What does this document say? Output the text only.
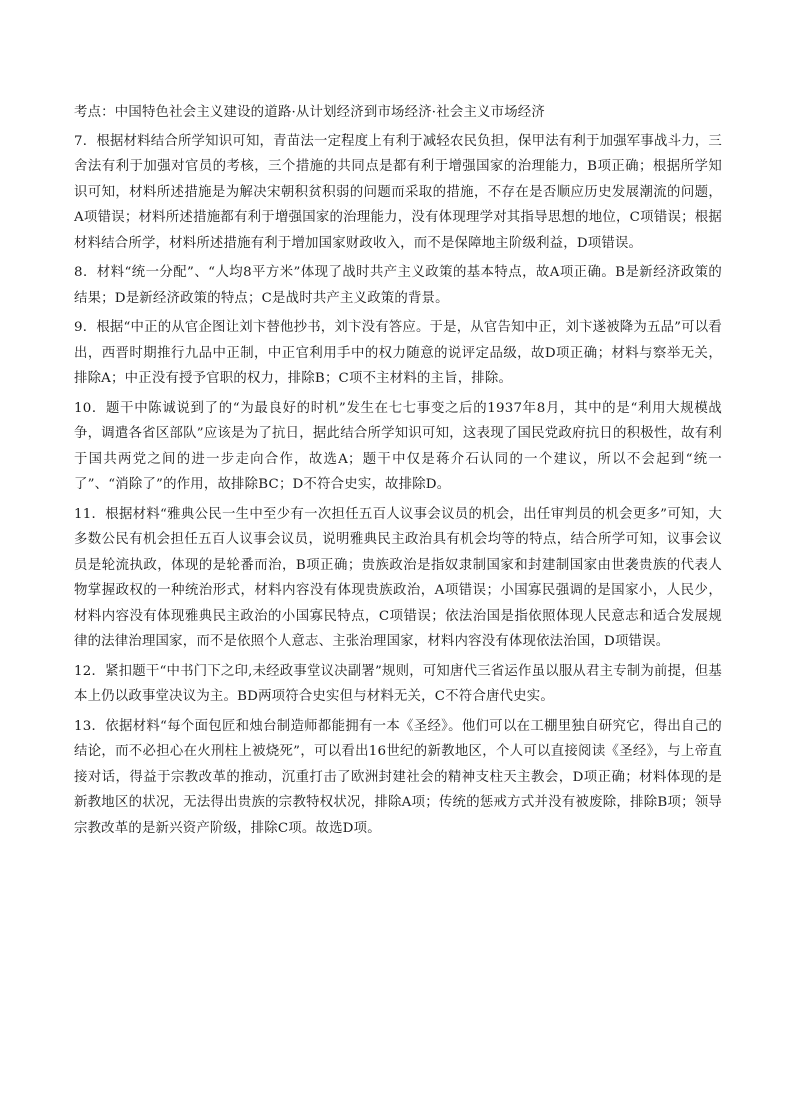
考点：中国特色社会主义建设的道路·从计划经济到市场经济·社会主义市场经济

7．根据材料结合所学知识可知，青苗法一定程度上有利于减轻农民负担，保甲法有利于加强军事战斗力，三舍法有利于加强对官员的考核，三个措施的共同点是都有利于增强国家的治理能力，B项正确；根据所学知识可知，材料所述措施是为解决宋朝积贫积弱的问题而采取的措施，不存在是否顺应历史发展潮流的问题，A项错误；材料所述措施都有利于增强国家的治理能力，没有体现理学对其指导思想的地位，C项错误；根据材料结合所学，材料所述措施有利于增加国家财政收入，而不是保障地主阶级利益，D项错误。

8．材料“统一分配”、“人均8平方米”体现了战时共产主义政策的基本特点，故A项正确。B是新经济政策的结果；D是新经济政策的特点；C是战时共产主义政策的背景。

9．根据“中正的从官企图让刘卞替他抄书，刘卞没有答应。于是，从官告知中正，刘卞遂被降为五品”可以看出，西晋时期推行九品中正制，中正官利用手中的权力随意的说评定品级，故D项正确；材料与察举无关，排除A；中正没有授予官职的权力，排除B；C项不主材料的主旨，排除。

10．题干中陈诚说到了的“为最良好的时机”发生在七七事变之后的1937年8月，其中的是“利用大规模战争，调遣各省区部队”应该是为了抗日，据此结合所学知识可知，这表现了国民党政府抗日的积极性，故有利于国共两党之间的进一步走向合作，故选A；题干中仅是蒋介石认同的一个建议，所以不会起到“统一了”、“消除了”的作用，故排除BC；D不符合史实，故排除D。

11．根据材料“雅典公民一生中至少有一次担任五百人议事会议员的机会，出任审判员的机会更多”可知，大多数公民有机会担任五百人议事会议员，说明雅典民主政治具有机会均等的特点，结合所学可知，议事会议员是轮流执政，体现的是轮番而治，B项正确；贵族政治是指奴隶制国家和封建制国家由世袭贵族的代表人物掌握政权的一种统治形式，材料内容没有体现贵族政治，A项错误；小国寡民强调的是国家小，人民少，材料内容没有体现雅典民主政治的小国寡民特点，C项错误；依法治国是指依照体现人民意志和适合发展规律的法律治理国家，而不是依照个人意志、主张治理国家，材料内容没有体现依法治国，D项错误。

12．紧扣题干“中书门下之印,未经政事堂议决副署”规则，可知唐代三省运作虽以服从君主专制为前提，但基本上仍以政事堂决议为主。BD两项符合史实但与材料无关，C不符合唐代史实。

13．依据材料“每个面包匠和烛台制造师都能拥有一本《圣经》。他们可以在工棚里独自研究它，得出自己的结论，而不必担心在火刑柱上被烧死”，可以看出16世纪的新教地区，个人可以直接阅读《圣经》，与上帝直接对话，得益于宗教改革的推动，沉重打击了欧洲封建社会的精神支柱天主教会，D项正确；材料体现的是新教地区的状况，无法得出贵族的宗教特权状况，排除A项；传统的惩戒方式并没有被废除，排除B项；领导宗教改革的是新兴资产阶级，排除C项。故选D项。
